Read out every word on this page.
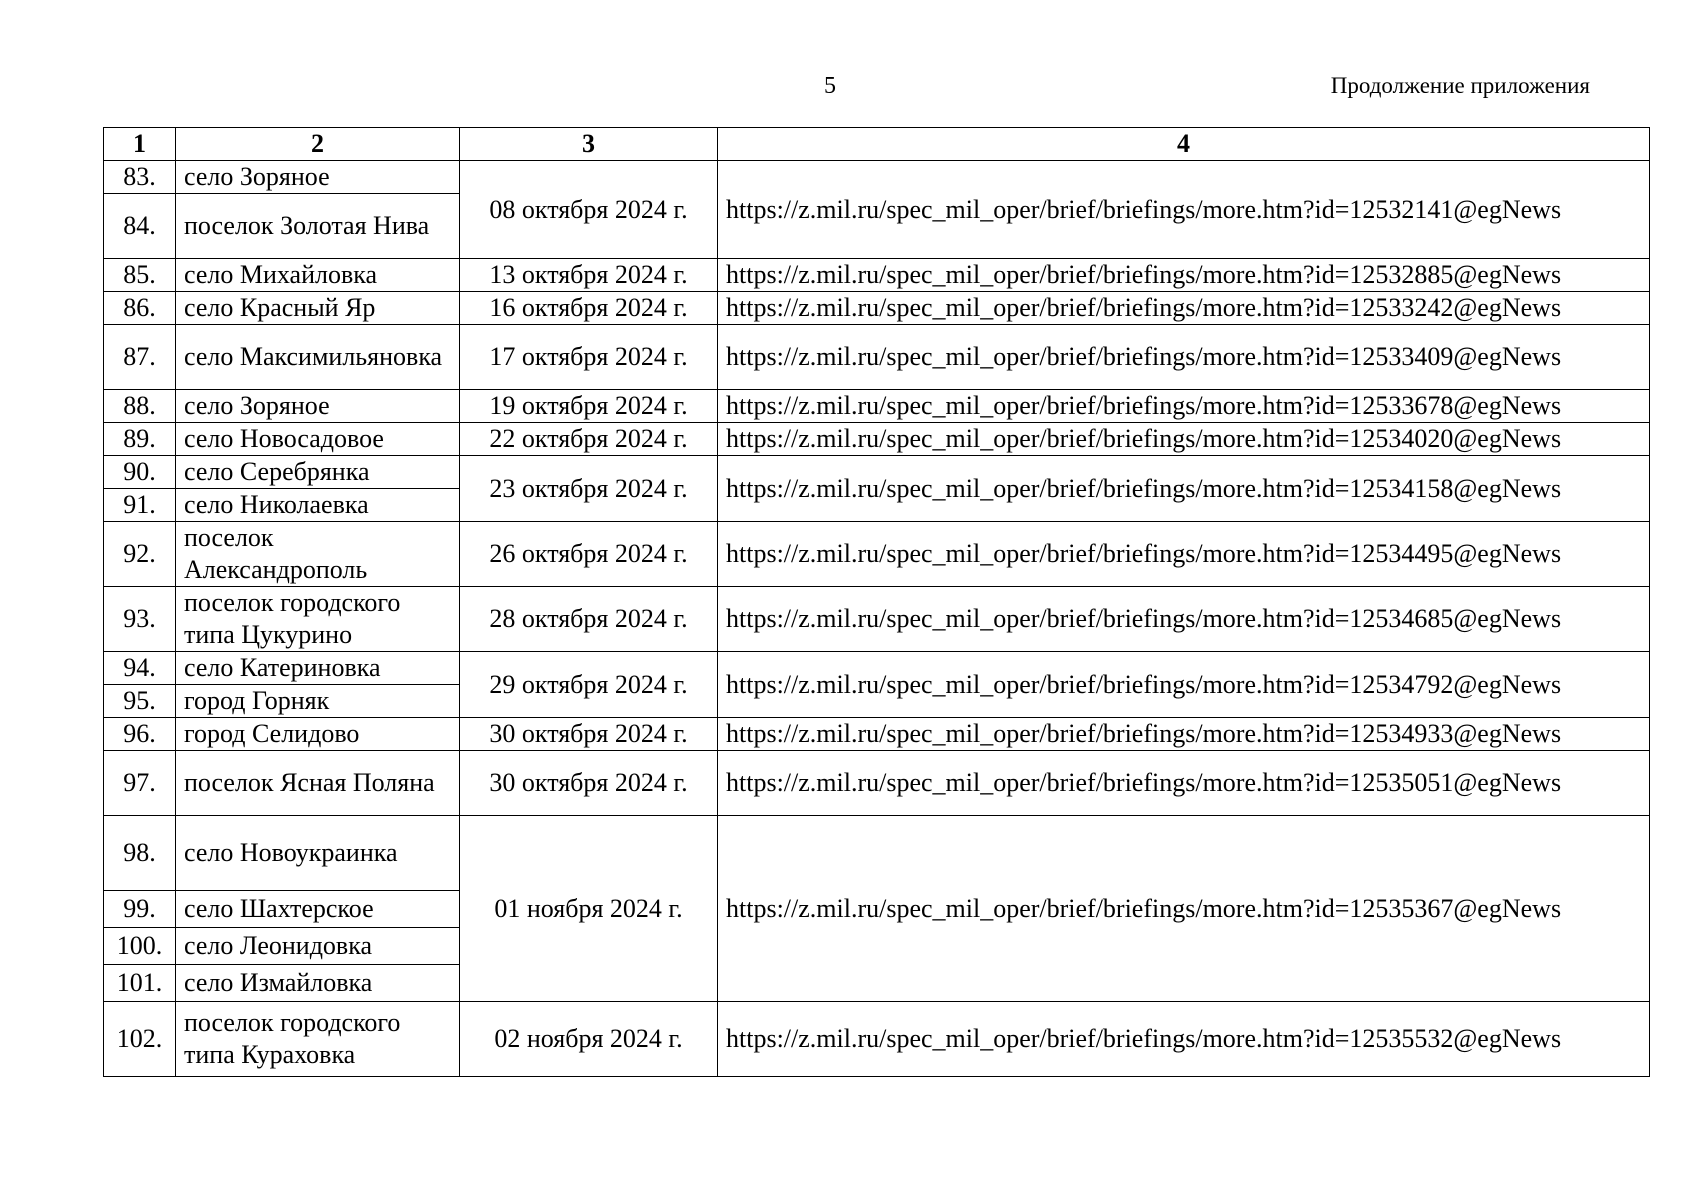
5	Продолжение приложения
1	2	3	4
83.	село Зоряное	08 октября 2024 г.	https://z.mil.ru/spec_mil_oper/brief/briefings/more.htm?id=12532141@egNews
84.	поселок Золотая Нива		
85.	село Михайловка	13 октября 2024 г.	https://z.mil.ru/spec_mil_oper/brief/briefings/more.htm?id=12532885@egNews
86.	село Красный Яр	16 октября 2024 г.	https://z.mil.ru/spec_mil_oper/brief/briefings/more.htm?id=12533242@egNews
87.	село Максимильяновка	17 октября 2024 г.	https://z.mil.ru/spec_mil_oper/brief/briefings/more.htm?id=12533409@egNews
88.	село Зоряное	19 октября 2024 г.	https://z.mil.ru/spec_mil_oper/brief/briefings/more.htm?id=12533678@egNews
89.	село Новосадовое	22 октября 2024 г.	https://z.mil.ru/spec_mil_oper/brief/briefings/more.htm?id=12534020@egNews
90.	село Серебрянка	23 октября 2024 г.	https://z.mil.ru/spec_mil_oper/brief/briefings/more.htm?id=12534158@egNews
91.	село Николаевка		
92.	поселок Александрополь	26 октября 2024 г.	https://z.mil.ru/spec_mil_oper/brief/briefings/more.htm?id=12534495@egNews
93.	поселок городского типа Цукурино	28 октября 2024 г.	https://z.mil.ru/spec_mil_oper/brief/briefings/more.htm?id=12534685@egNews
94.	село Катериновка	29 октября 2024 г.	https://z.mil.ru/spec_mil_oper/brief/briefings/more.htm?id=12534792@egNews
95.	город Горняк		
96.	город Селидово	30 октября 2024 г.	https://z.mil.ru/spec_mil_oper/brief/briefings/more.htm?id=12534933@egNews
97.	поселок Ясная Поляна	30 октября 2024 г.	https://z.mil.ru/spec_mil_oper/brief/briefings/more.htm?id=12535051@egNews
98.	село Новоукраинка	01 ноября 2024 г.	https://z.mil.ru/spec_mil_oper/brief/briefings/more.htm?id=12535367@egNews
99.	село Шахтерское		
100.	село Леонидовка		
101.	село Измайловка		
102.	поселок городского типа Кураховка	02 ноября 2024 г.	https://z.mil.ru/spec_mil_oper/brief/briefings/more.htm?id=12535532@egNews
